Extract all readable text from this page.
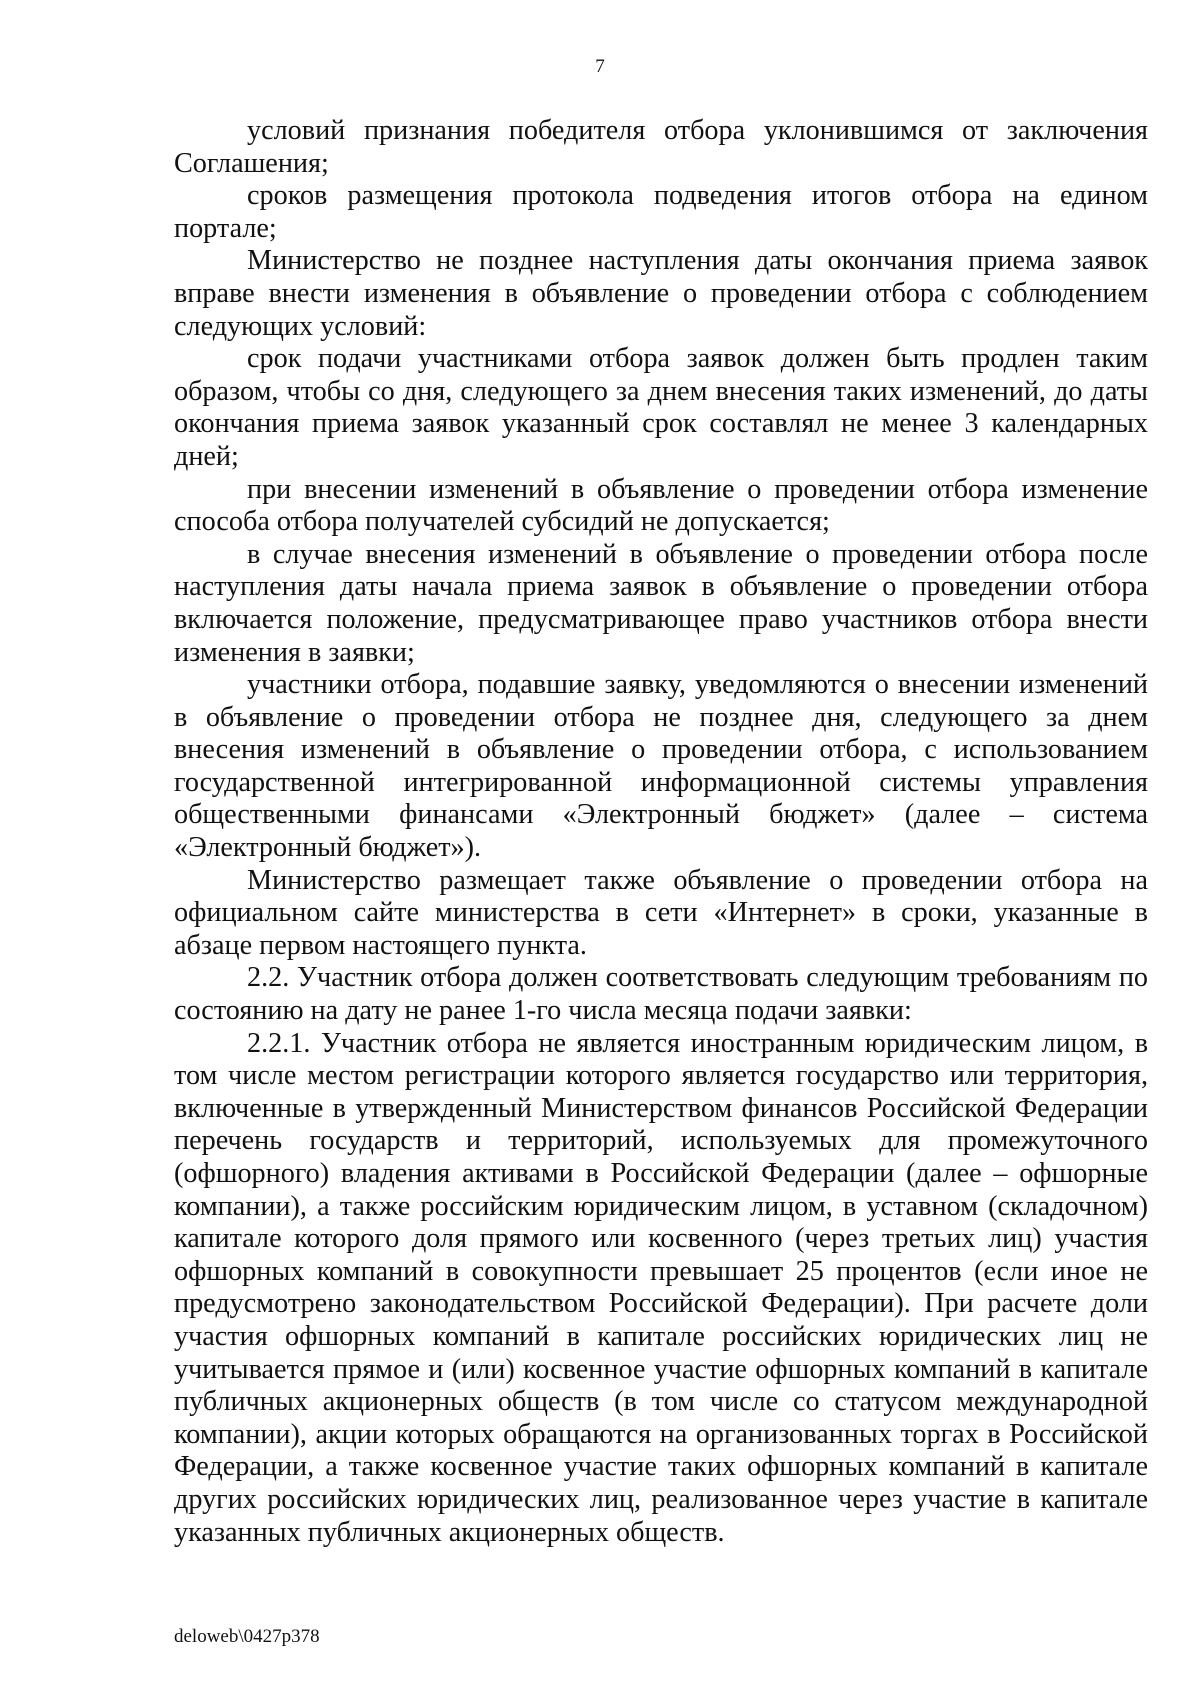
7

условий признания победителя отбора уклонившимся от заключения Соглашения;

сроков размещения протокола подведения итогов отбора на едином портале;

Министерство не позднее наступления даты окончания приема заявок вправе внести изменения в объявление о проведении отбора с соблюдением следующих условий:

срок подачи участниками отбора заявок должен быть продлен таким образом, чтобы со дня, следующего за днем внесения таких изменений, до даты окончания приема заявок указанный срок составлял не менее 3 календарных дней;

при внесении изменений в объявление о проведении отбора изменение способа отбора получателей субсидий не допускается;

в случае внесения изменений в объявление о проведении отбора после наступления даты начала приема заявок в объявление о проведении отбора включается положение, предусматривающее право участников отбора внести изменения в заявки;

участники отбора, подавшие заявку, уведомляются о внесении изменений в объявление о проведении отбора не позднее дня, следующего за днем внесения изменений в объявление о проведении отбора, с использованием государственной интегрированной информационной системы управления общественными финансами «Электронный бюджет» (далее – система «Электронный бюджет»).

Министерство размещает также объявление о проведении отбора на официальном сайте министерства в сети «Интернет» в сроки, указанные в абзаце первом настоящего пункта.

2.2. Участник отбора должен соответствовать следующим требованиям по состоянию на дату не ранее 1-го числа месяца подачи заявки:

2.2.1. Участник отбора не является иностранным юридическим лицом, в том числе местом регистрации которого является государство или территория, включенные в утвержденный Министерством финансов Российской Федерации перечень государств и территорий, используемых для промежуточного (офшорного) владения активами в Российской Федерации (далее – офшорные компании), а также российским юридическим лицом, в уставном (складочном) капитале которого доля прямого или косвенного (через третьих лиц) участия офшорных компаний в совокупности превышает 25 процентов (если иное не предусмотрено законодательством Российской Федерации). При расчете доли участия офшорных компаний в капитале российских юридических лиц не учитывается прямое и (или) косвенное участие офшорных компаний в капитале публичных акционерных обществ (в том числе со статусом международной компании), акции которых обращаются на организованных торгах в Российской Федерации, а также косвенное участие таких офшорных компаний в капитале других российских юридических лиц, реализованное через участие в капитале указанных публичных акционерных обществ.

deloweb\0427p378
